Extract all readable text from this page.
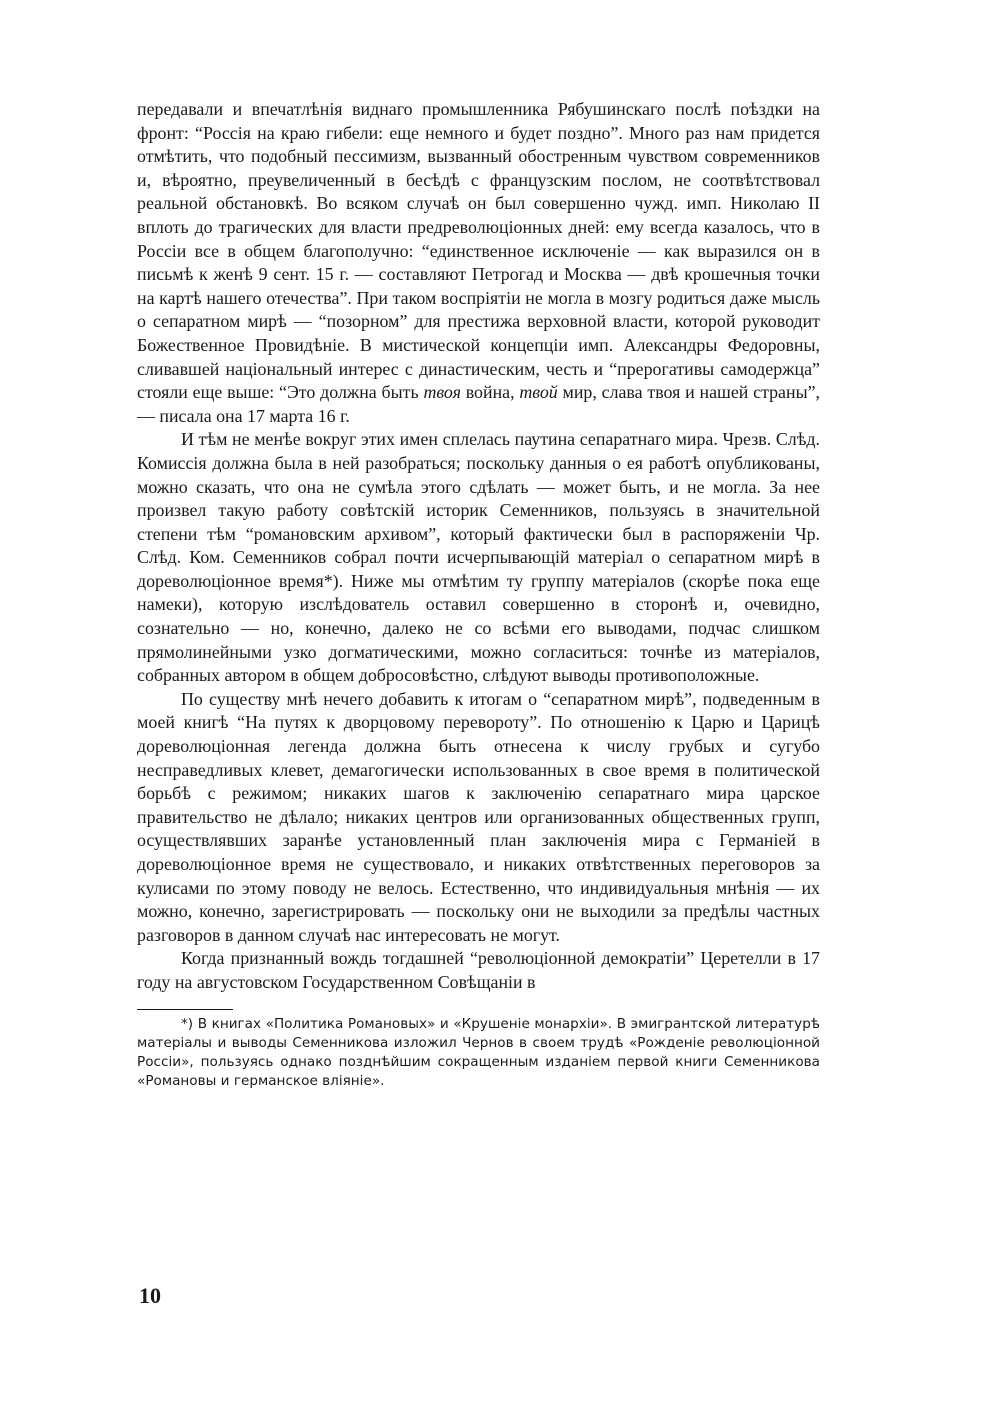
передавали и впечатлѣнія виднаго промышленника Рябушинскаго послѣ поѣздки на фронт: “Россія на краю гибели: еще немного и будет поздно”. Много раз нам придется отмѣтить, что подобный пессимизм, вызванный обостренным чувством современников и, вѣроятно, преувеличенный в бесѣдѣ с французским послом, не соотвѣтствовал реальной обстановкѣ. Во всяком случаѣ он был совершенно чужд. имп. Николаю II вплоть до трагических для власти предреволюціонных дней: ему всегда казалось, что в Россіи все в общем благополучно: “единственное исключеніе — как выразился он в письмѣ к женѣ 9 сент. 15 г. — составляют Петрогад и Москва — двѣ крошечныя точки на картѣ нашего отечества”. При таком воспріятіи не могла в мозгу родиться даже мысль о сепаратном мирѣ — “позорном” для престижа верховной власти, которой руководит Божественное Провидѣніе. В мистической концепціи имп. Александры Федоровны, сливавшей національный интерес с династическим, честь и “прерогативы самодержца” стояли еще выше: “Это должна быть твоя война, твой мир, слава твоя и нашей страны”, — писала она 17 марта 16 г.

И тѣм не менѣе вокруг этих имен сплелась паутина сепаратнаго мира. Чрезв. Слѣд. Комиссія должна была в ней разобраться; поскольку данныя о ея работѣ опубликованы, можно сказать, что она не сумѣла этого сдѣлать — может быть, и не могла. За нее произвел такую работу совѣтскій историк Семенников, пользуясь в значительной степени тѣм “романовским архивом”, который фактически был в распоряженіи Чр. Слѣд. Ком. Семенников собрал почти исчерпывающій матеріал о сепаратном мирѣ в дореволюціонное время*). Ниже мы отмѣтим ту группу матеріалов (скорѣе пока еще намеки), которую изслѣдователь оставил совершенно в сторонѣ и, очевидно, сознательно — но, конечно, далеко не со всѣми его выводами, подчас слишком прямолинейными узко догматическими, можно согласиться: точнѣе из матеріалов, собранных автором в общем добросовѣстно, слѣдуют выводы противоположные.

По существу мнѣ нечего добавить к итогам о “сепаратном мирѣ”, подведенным в моей книгѣ “На путях к дворцовому перевороту”. По отношенію к Царю и Царицѣ дореволюціонная легенда должна быть отнесена к числу грубых и сугубо несправедливых клевет, демагогически использованных в свое время в политической борьбѣ с режимом; никаких шагов к заключенію сепаратнаго мира царское правительство не дѣлало; никаких центров или организованных общественных групп, осуществлявших заранѣе установленный план заключенія мира с Германіей в дореволюціонное время не существовало, и никаких отвѣтственных переговоров за кулисами по этому поводу не велось. Естественно, что индивидуальныя мнѣнія — их можно, конечно, зарегистрировать — поскольку они не выходили за предѣлы частных разговоров в данном случаѣ нас интересовать не могут.

Когда признанный вождь тогдашней “революціонной демократіи” Церетелли в 17 году на августовском Государственном Совѣщаніи в

*) В книгах «Политика Романовых» и «Крушеніе монархіи». В эмигрантской литературѣ матеріалы и выводы Семенникова изложил Чернов в своем трудѣ «Рожденіе революціонной Россіи», пользуясь однако позднѣйшим сокращенным изданіем первой книги Семенникова «Романовы и германское вліяніе».

10
